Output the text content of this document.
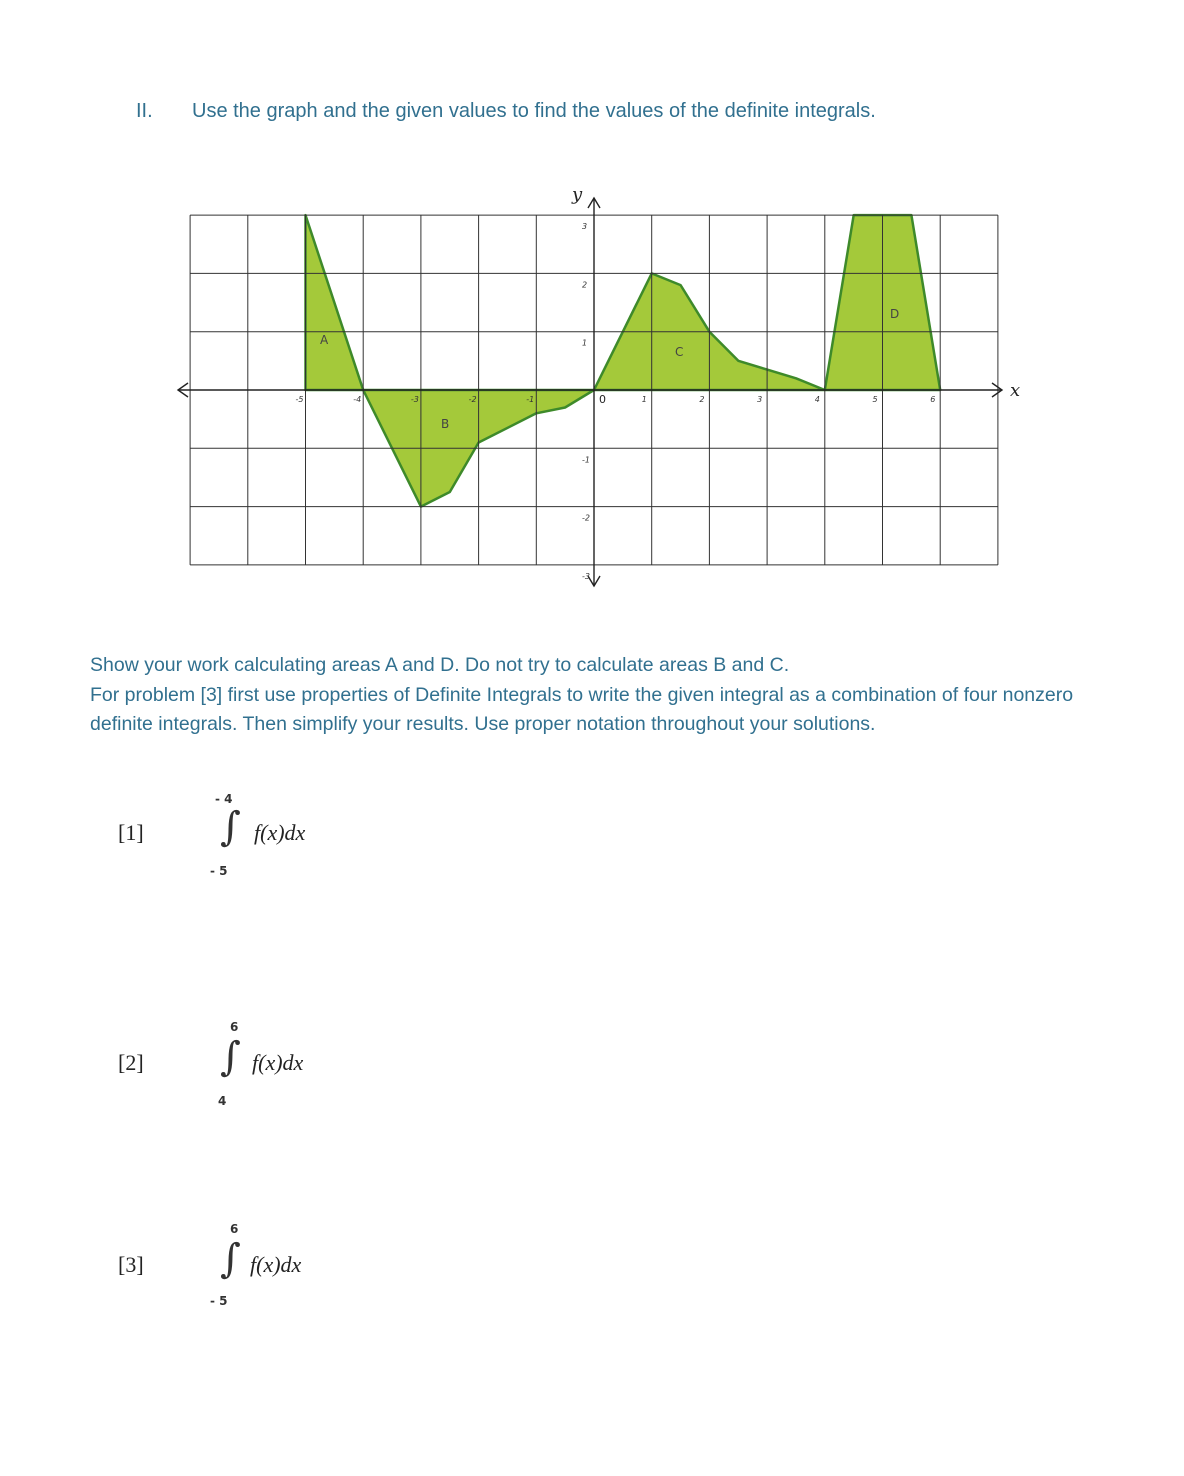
II. Use the graph and the given values to find the values of the definite integrals.
x
y
0
-5	-4	-3	-2	-1	1	2	3	4	5	6
3
2
1
-1
-2
-3
A
B
C
D

Show your work calculating areas A and D. Do not try to calculate areas B and C.

For problem [3] first use properties of Definite Integrals to write the given integral as a combination of four nonzero definite integrals. Then simplify your results. Use proper notation throughout your solutions.

[1]
- 4
∫
- 5
f(x)dx
[2]
6
∫
4
f(x)dx
[3]
6
∫
- 5
f(x)dx
